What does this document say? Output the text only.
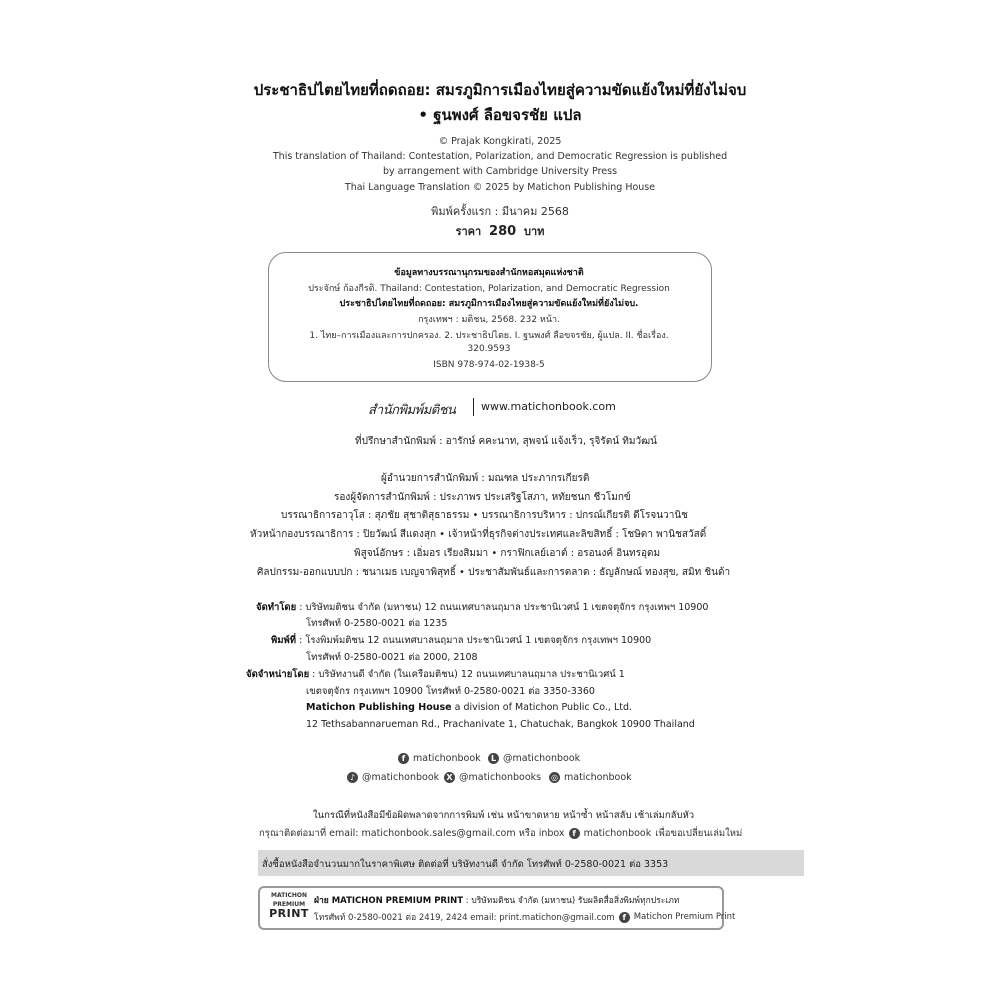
ประชาธิปไตยไทยที่ถดถอย: สมรภูมิการเมืองไทยสู่ความขัดแย้งใหม่ที่ยังไม่จบ
• ฐนพงศ์ ลือขจรชัย แปล
© Prajak Kongkirati, 2025
This translation of Thailand: Contestation, Polarization, and Democratic Regression is published
by arrangement with Cambridge University Press
Thai Language Translation © 2025 by Matichon Publishing House
พิมพ์ครั้งแรก : มีนาคม 2568
ราคา 280 บาท
ข้อมูลทางบรรณานุกรมของสำนักหอสมุดแห่งชาติ
ประจักษ์ ก้องกีรติ. Thailand: Contestation, Polarization, and Democratic Regression
ประชาธิปไตยไทยที่ถดถอย: สมรภูมิการเมืองไทยสู่ความขัดแย้งใหม่ที่ยังไม่จบ.
กรุงเทพฯ : มติชน, 2568. 232 หน้า.
1. ไทย–การเมืองและการปกครอง. 2. ประชาธิปไตย. I. ฐนพงศ์ ลือขจรชัย, ผู้แปล. II. ชื่อเรื่อง.
320.9593
ISBN 978-974-02-1938-5
สำนักพิมพ์มติชน www.matichonbook.com
ที่ปรึกษาสำนักพิมพ์ : อารักษ์ คคะนาท, สุพจน์ แจ้งเร็ว, รุจิรัตน์ ทิมวัฒน์
ผู้อำนวยการสำนักพิมพ์ : มณฑล ประภากรเกียรติ
รองผู้จัดการสำนักพิมพ์ : ประภาพร ประเสริฐโสภา, หทัยชนก ชีวโมกข์
บรรณาธิการอาวุโส : สุภชัย สุชาติสุธาธรรม • บรรณาธิการบริหาร : ปกรณ์เกียรติ ดีโรจนวานิช
หัวหน้ากองบรรณาธิการ : ปิยวัฒน์ สีแดงสุก • เจ้าหน้าที่ธุรกิจต่างประเทศและลิขสิทธิ์ : โชษิตา พานิชสวัสดิ์
พิสูจน์อักษร : เอิ่มอร เรียงสิมมา • กราฟิกเลย์เอาต์ : อรอนงค์ อินทรอุดม
ศิลปกรรม-ออกแบบปก : ชนาเมธ เบญจาพิสุทธิ์ • ประชาสัมพันธ์และการตลาด : ธัญลักษณ์ ทองสุข, สมิท ชินด้า
จัดทำโดย : บริษัทมติชน จำกัด (มหาชน) 12 ถนนเทศบาลนฤมาล ประชานิเวศน์ 1 เขตจตุจักร กรุงเทพฯ 10900
โทรศัพท์ 0-2580-0021 ต่อ 1235
พิมพ์ที่ : โรงพิมพ์มติชน 12 ถนนเทศบาลนฤมาล ประชานิเวศน์ 1 เขตจตุจักร กรุงเทพฯ 10900
โทรศัพท์ 0-2580-0021 ต่อ 2000, 2108
จัดจำหน่ายโดย : บริษัทงานดี จำกัด (ในเครือมติชน) 12 ถนนเทศบาลนฤมาล ประชานิเวศน์ 1
เขตจตุจักร กรุงเทพฯ 10900 โทรศัพท์ 0-2580-0021 ต่อ 3350-3360
Matichon Publishing House a division of Matichon Public Co., Ltd.
12 Tethsabannarueman Rd., Prachanivate 1, Chatuchak, Bangkok 10900 Thailand
f matichonbook	L @matichonbook
♪ @matichonbook X @matichonbooks ◎ matichonbook
ในกรณีที่หนังสือมีข้อผิดพลาดจากการพิมพ์ เช่น หน้าขาดหาย หน้าซ้ำ หน้าสลับ เช้าเล่มกลับหัว
กรุณาติดต่อมาที่ email: matichonbook.sales@gmail.com หรือ inbox f matichonbook เพื่อขอเปลี่ยนเล่มใหม่
สั่งซื้อหนังสือจำนวนมากในราคาพิเศษ ติดต่อที่ บริษัทงานดี จำกัด โทรศัพท์ 0-2580-0021 ต่อ 3353
MATICHON
PREMIUM
PRINT
ฝ่าย MATICHON PREMIUM PRINT : บริษัทมติชน จำกัด (มหาชน) รับผลิตสื่อสิ่งพิมพ์ทุกประเภท
โทรศัพท์ 0-2580-0021 ต่อ 2419, 2424 email: print.matichon@gmail.com f Matichon Premium Print
